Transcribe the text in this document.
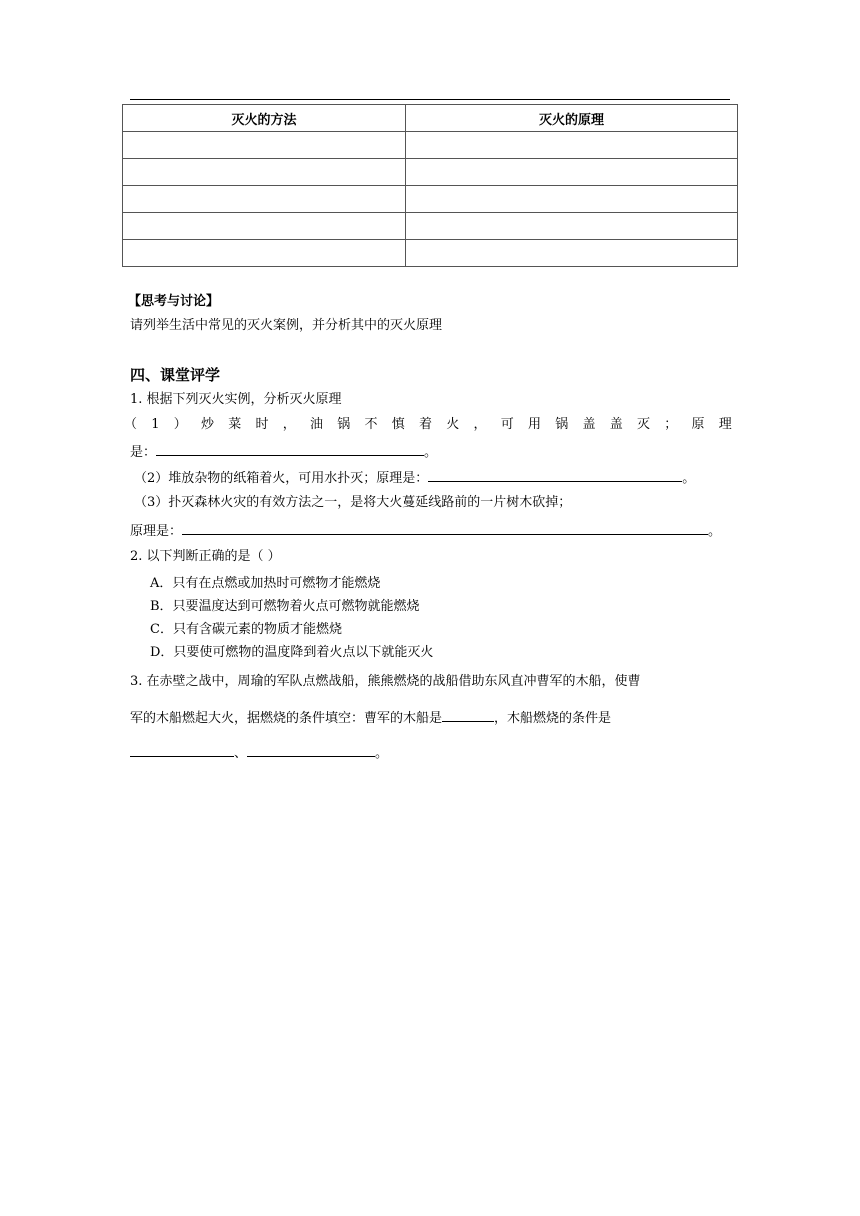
灭火的方法	灭火的原理

【思考与讨论】
请列举生活中常见的灭火案例，并分析其中的灭火原理
四、课堂评学
1. 根据下列灭火实例，分析灭火原理
（ 1 ） 炒 菜 时 ， 油 锅 不 慎 着 火 ， 可 用 锅 盖 盖 灭 ； 原 理
是：	。
（2）堆放杂物的纸箱着火，可用水扑灭；原理是：	。
（3）扑灭森林火灾的有效方法之一，是将大火蔓延线路前的一片树木砍掉；
原理是：	。
2. 以下判断正确的是（ ）
A．只有在点燃或加热时可燃物才能燃烧
B．只要温度达到可燃物着火点可燃物就能燃烧
C．只有含碳元素的物质才能燃烧
D．只要使可燃物的温度降到着火点以下就能灭火
3. 在赤壁之战中，周瑜的军队点燃战船，熊熊燃烧的战船借助东风直冲曹军的木船，使曹
军的木船燃起大火，据燃烧的条件填空：曹军的木船是	，木船燃烧的条件是
、	。
